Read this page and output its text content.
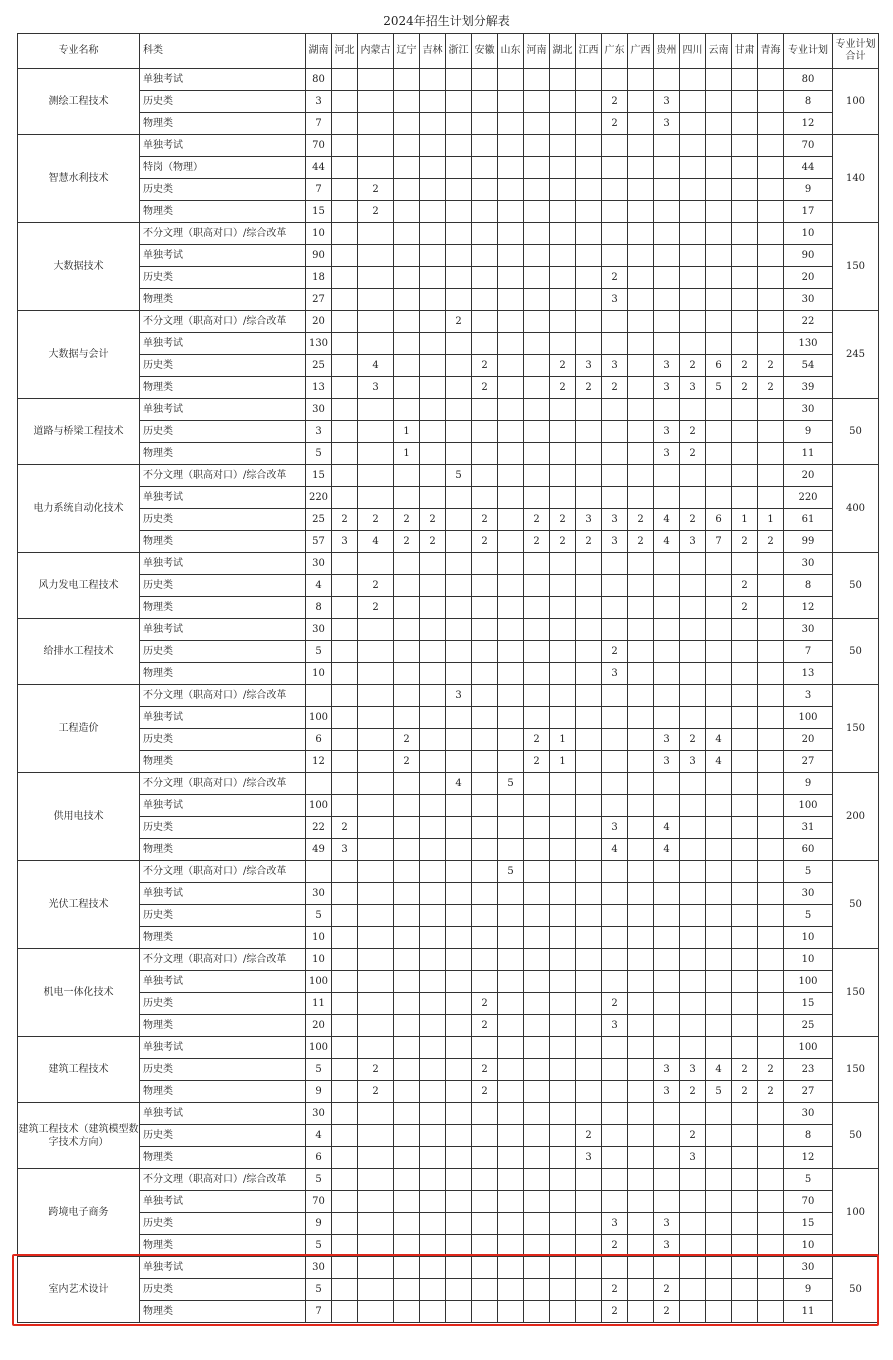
2024年招生计划分解表
专业名称	科类	湖南	河北	内蒙古	辽宁	吉林	浙江	安徽	山东	河南	湖北	江西	广东	广西	贵州	四川	云南	甘肃	青海	专业计划	专业计划合计
测绘工程技术	单独考试	80																		80	100
	历史类	3											2		3					8	
	物理类	7											2		3					12	
智慧水利技术	单独考试	70																		70	140
	特岗（物理）	44																		44	
	历史类	7		2																9	
	物理类	15		2																17	
大数据技术	不分文理（职高对口）/综合改革	10																		10	150
	单独考试	90																		90	
	历史类	18											2							20	
	物理类	27											3							30	
大数据与会计	不分文理（职高对口）/综合改革	20					2													22	245
	单独考试	130																		130	
	历史类	25		4				2			2	3	3		3	2	6	2	2	54	
	物理类	13		3				2			2	2	2		3	3	5	2	2	39	
道路与桥梁工程技术	单独考试	30																		30	50
	历史类	3			1										3	2				9	
	物理类	5			1										3	2				11	
电力系统自动化技术	不分文理（职高对口）/综合改革	15					5													20	400
	单独考试	220																		220	
	历史类	25	2	2	2	2		2		2	2	3	3	2	4	2	6	1	1	61	
	物理类	57	3	4	2	2		2		2	2	2	3	2	4	3	7	2	2	99	
风力发电工程技术	单独考试	30																		30	50
	历史类	4		2														2		8	
	物理类	8		2														2		12	
给排水工程技术	单独考试	30																		30	50
	历史类	5											2							7	
	物理类	10											3							13	
工程造价	不分文理（职高对口）/综合改革						3													3	150
	单独考试	100																		100	
	历史类	6			2					2	1				3	2	4			20	
	物理类	12			2					2	1				3	3	4			27	
供用电技术	不分文理（职高对口）/综合改革						4		5											9	200
	单独考试	100																		100	
	历史类	22	2										3		4					31	
	物理类	49	3										4		4					60	
光伏工程技术	不分文理（职高对口）/综合改革								5											5	50
	单独考试	30																		30	
	历史类	5																		5	
	物理类	10																		10	
机电一体化技术	不分文理（职高对口）/综合改革	10																		10	150
	单独考试	100																		100	
	历史类	11						2					2							15	
	物理类	20						2					3							25	
建筑工程技术	单独考试	100																		100	150
	历史类	5		2				2							3	3	4	2	2	23	
	物理类	9		2				2							3	2	5	2	2	27	
建筑工程技术（建筑模型数字技术方向）	单独考试	30																		30	50
	历史类	4										2				2				8	
	物理类	6										3				3				12	
跨境电子商务	不分文理（职高对口）/综合改革	5																		5	100
	单独考试	70																		70	
	历史类	9											3		3					15	
	物理类	5											2		3					10	
室内艺术设计	单独考试	30																		30	50
	历史类	5											2		2					9	
	物理类	7											2		2					11	
